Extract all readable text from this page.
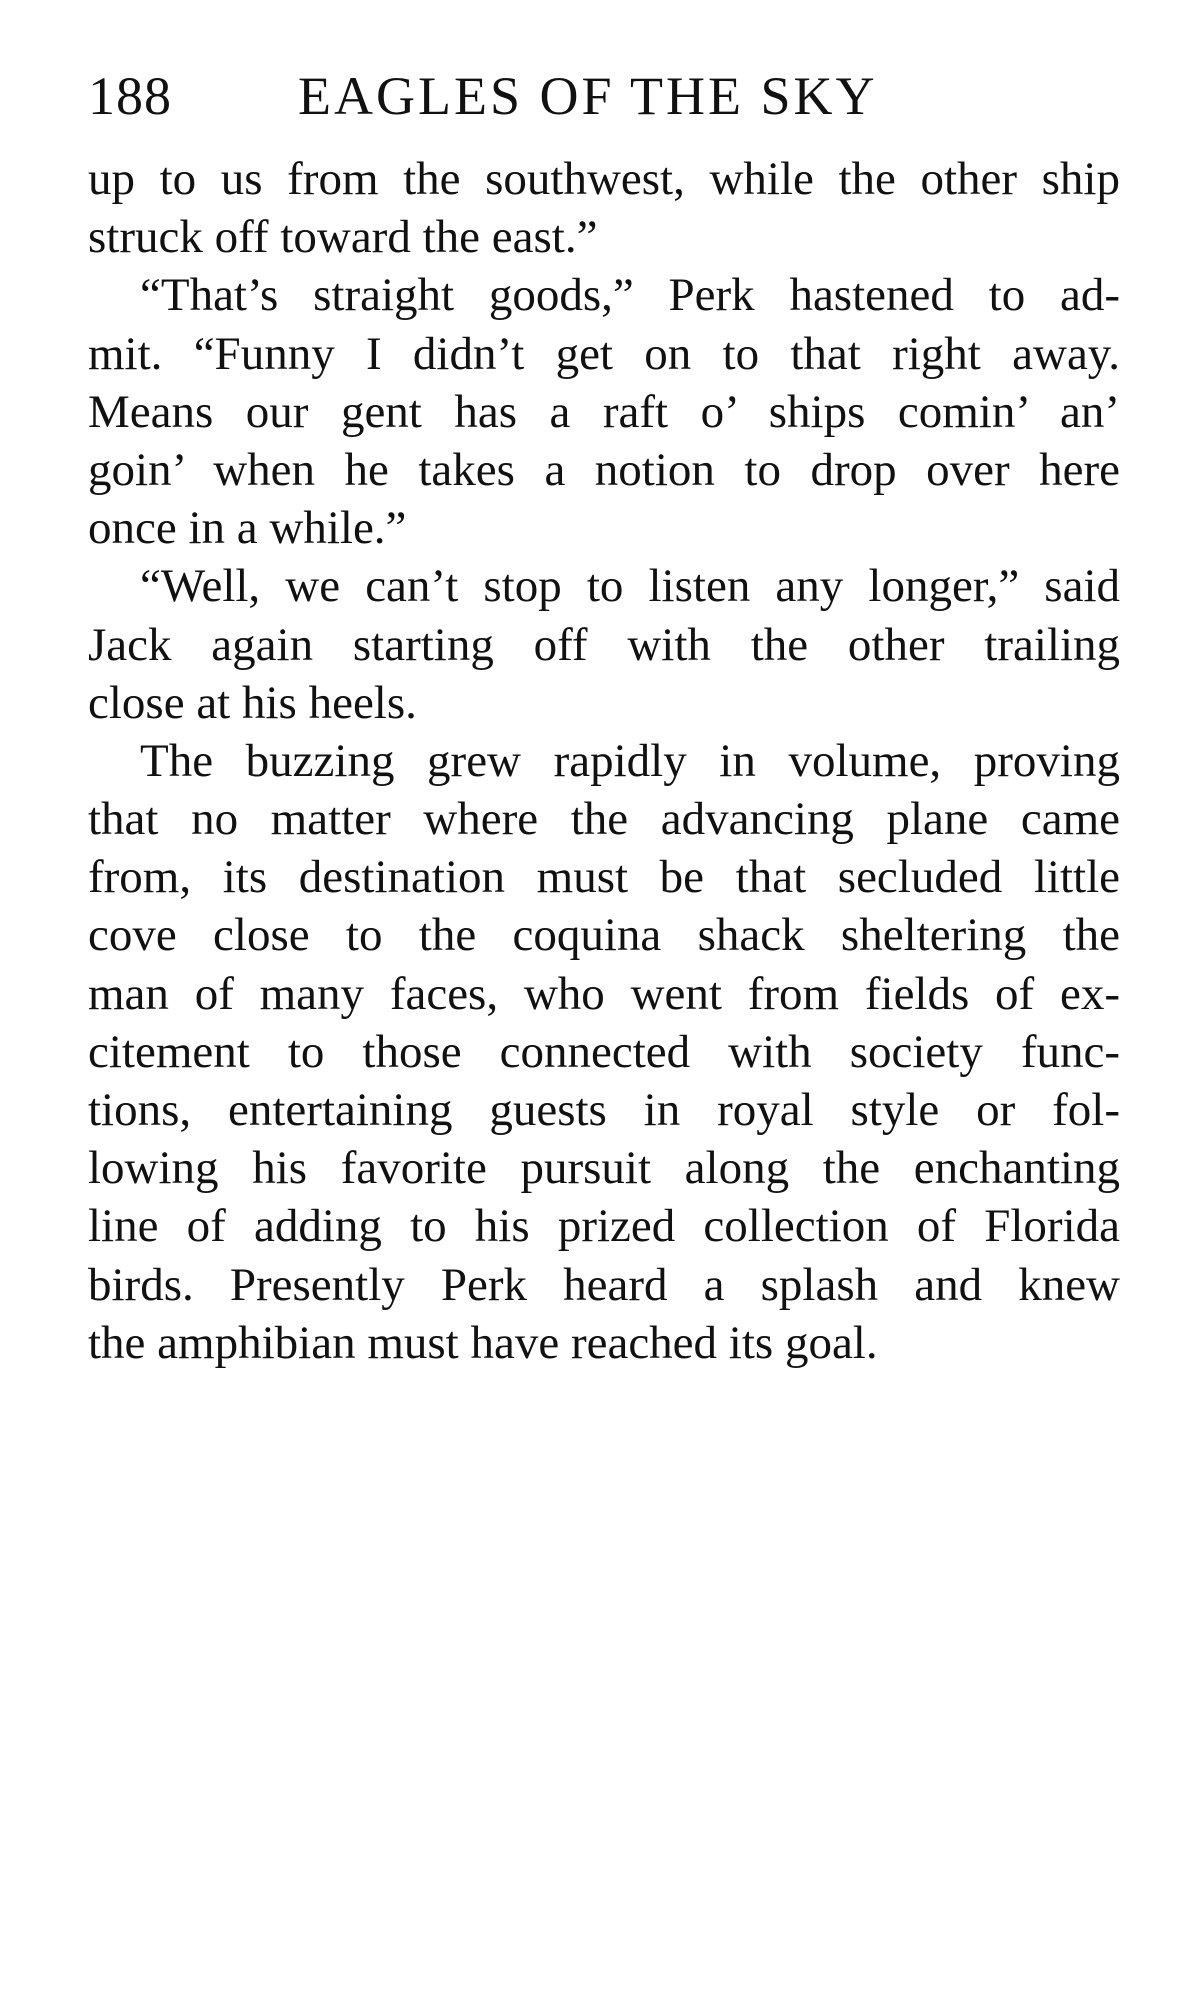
188 EAGLES OF THE SKY
up to us from the southwest, while the other ship
struck off toward the east.”
“That’s straight goods,” Perk hastened to ad-
mit. “Funny I didn’t get on to that right away.
Means our gent has a raft o’ ships comin’ an’
goin’ when he takes a notion to drop over here
once in a while.”
“Well, we can’t stop to listen any longer,” said
Jack again starting off with the other trailing
close at his heels.
The buzzing grew rapidly in volume, proving
that no matter where the advancing plane came
from, its destination must be that secluded little
cove close to the coquina shack sheltering the
man of many faces, who went from fields of ex-
citement to those connected with society func-
tions, entertaining guests in royal style or fol-
lowing his favorite pursuit along the enchanting
line of adding to his prized collection of Florida
birds. Presently Perk heard a splash and knew
the amphibian must have reached its goal.
